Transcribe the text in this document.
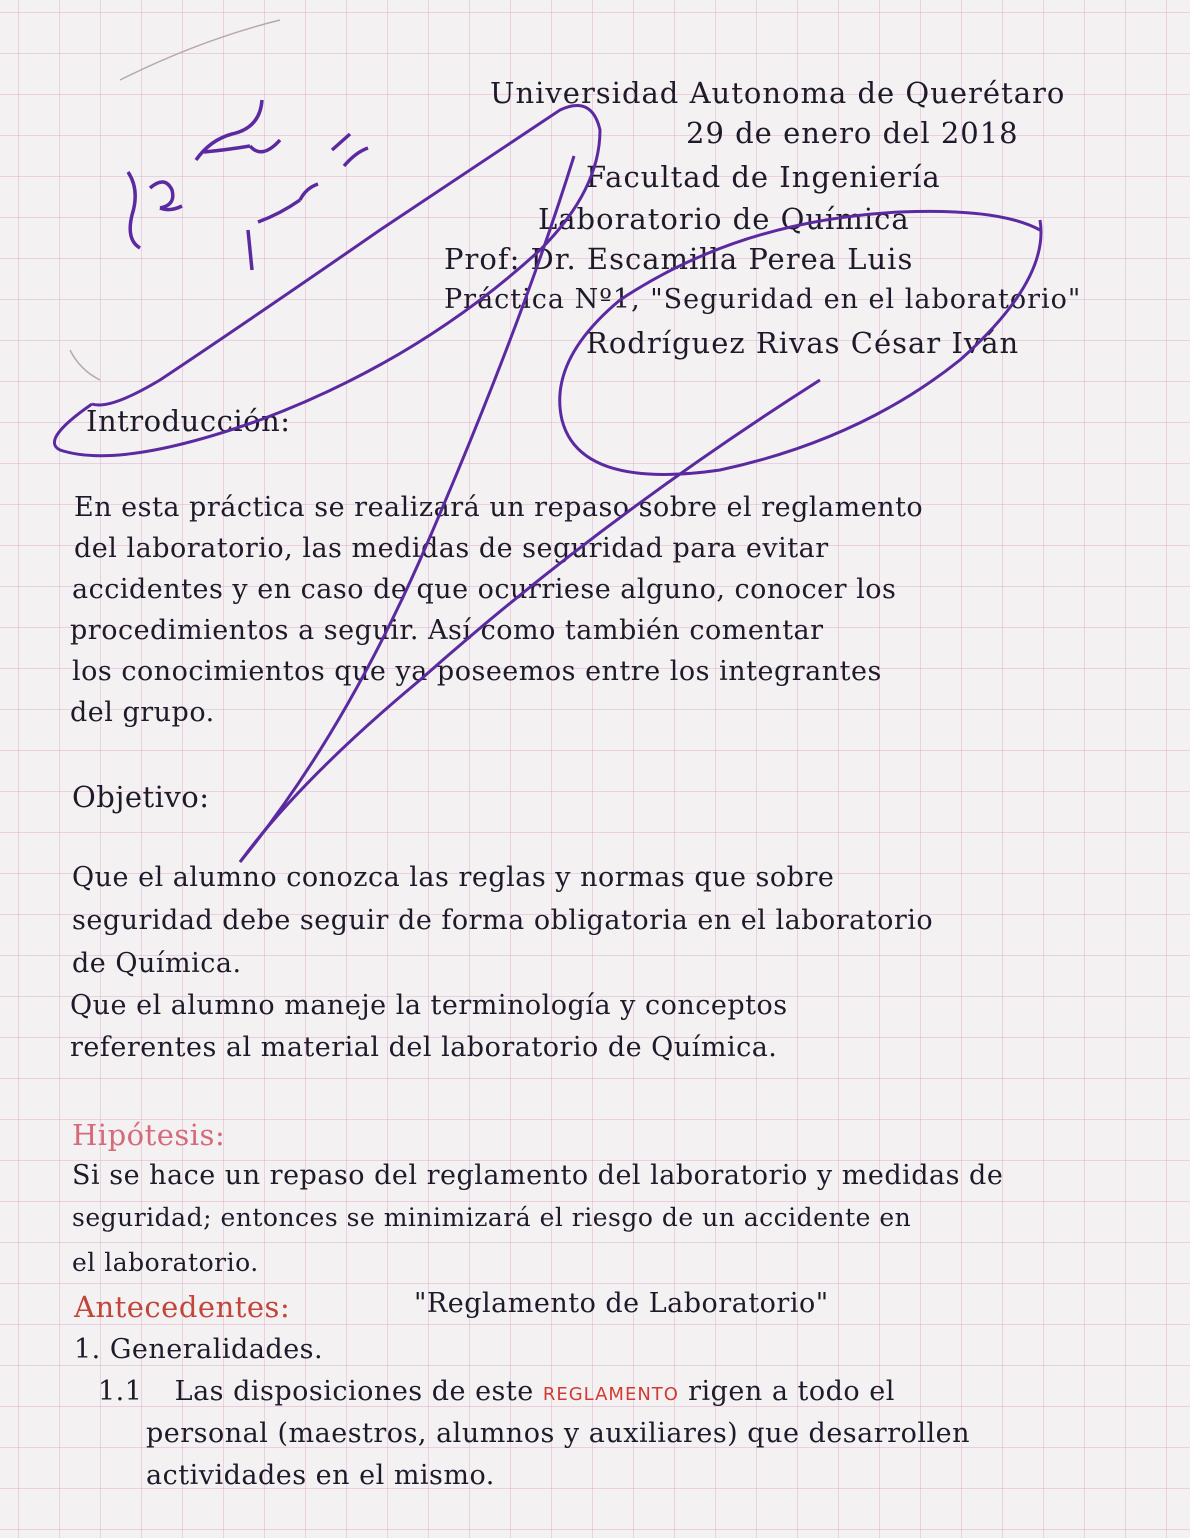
Universidad Autonoma de Querétaro
29 de enero del 2018
Facultad de Ingeniería
Laboratorio de Química
Prof: Dr. Escamilla Perea Luis
Práctica Nº1, "Seguridad en el laboratorio"
Rodríguez Rivas César Iván
Introducción:
En esta práctica se realizará un repaso sobre el reglamento
del laboratorio, las medidas de seguridad para evitar
accidentes y en caso de que ocurriese alguno, conocer los
procedimientos a seguir. Así como también comentar
los conocimientos que ya poseemos entre los integrantes
del grupo.
Objetivo:
Que el alumno conozca las reglas y normas que sobre
seguridad debe seguir de forma obligatoria en el laboratorio
de Química.
Que el alumno maneje la terminología y conceptos
referentes al material del laboratorio de Química.
Hipótesis:
Si se hace un repaso del reglamento del laboratorio y medidas de
seguridad; entonces se minimizará el riesgo de un accidente en
el laboratorio.
Antecedentes:	"Reglamento de Laboratorio"
1. Generalidades.
1.1 Las disposiciones de este REGLAMENTO rigen a todo el
personal (maestros, alumnos y auxiliares) que desarrollen
actividades en el mismo.
